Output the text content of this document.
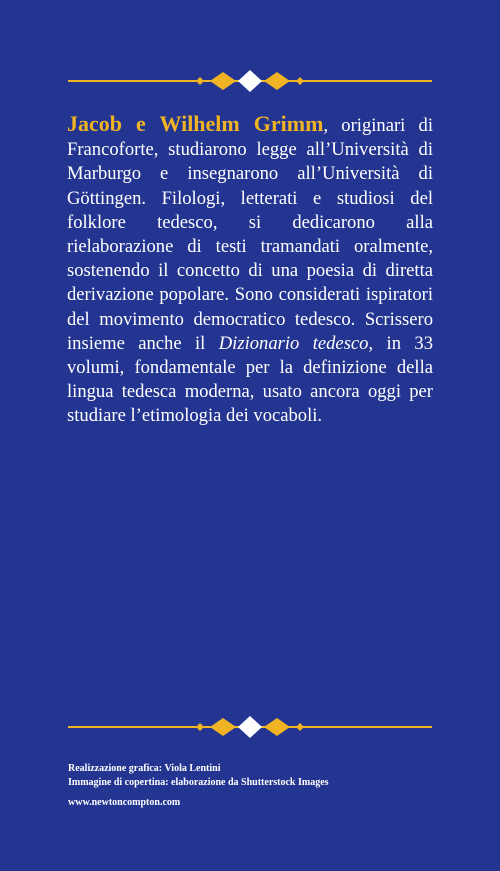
Jacob e Wilhelm Grimm, originari di Francoforte, studiarono legge all’Università di Marburgo e insegnarono all’Università di Göttingen. Filologi, letterati e studiosi del folklore tedesco, si dedicarono alla rielaborazione di testi tramandati oralmente, sostenendo il concetto di una poesia di diretta derivazione popolare. Sono considerati ispiratori del movimento democratico tedesco. Scrissero insieme anche il Dizionario tedesco, in 33 volumi, fondamentale per la definizione della lingua tedesca moderna, usato ancora oggi per studiare l’etimologia dei vocaboli.

Realizzazione grafica: Viola Lentini
Immagine di copertina: elaborazione da Shutterstock Images
www.newtoncompton.com
